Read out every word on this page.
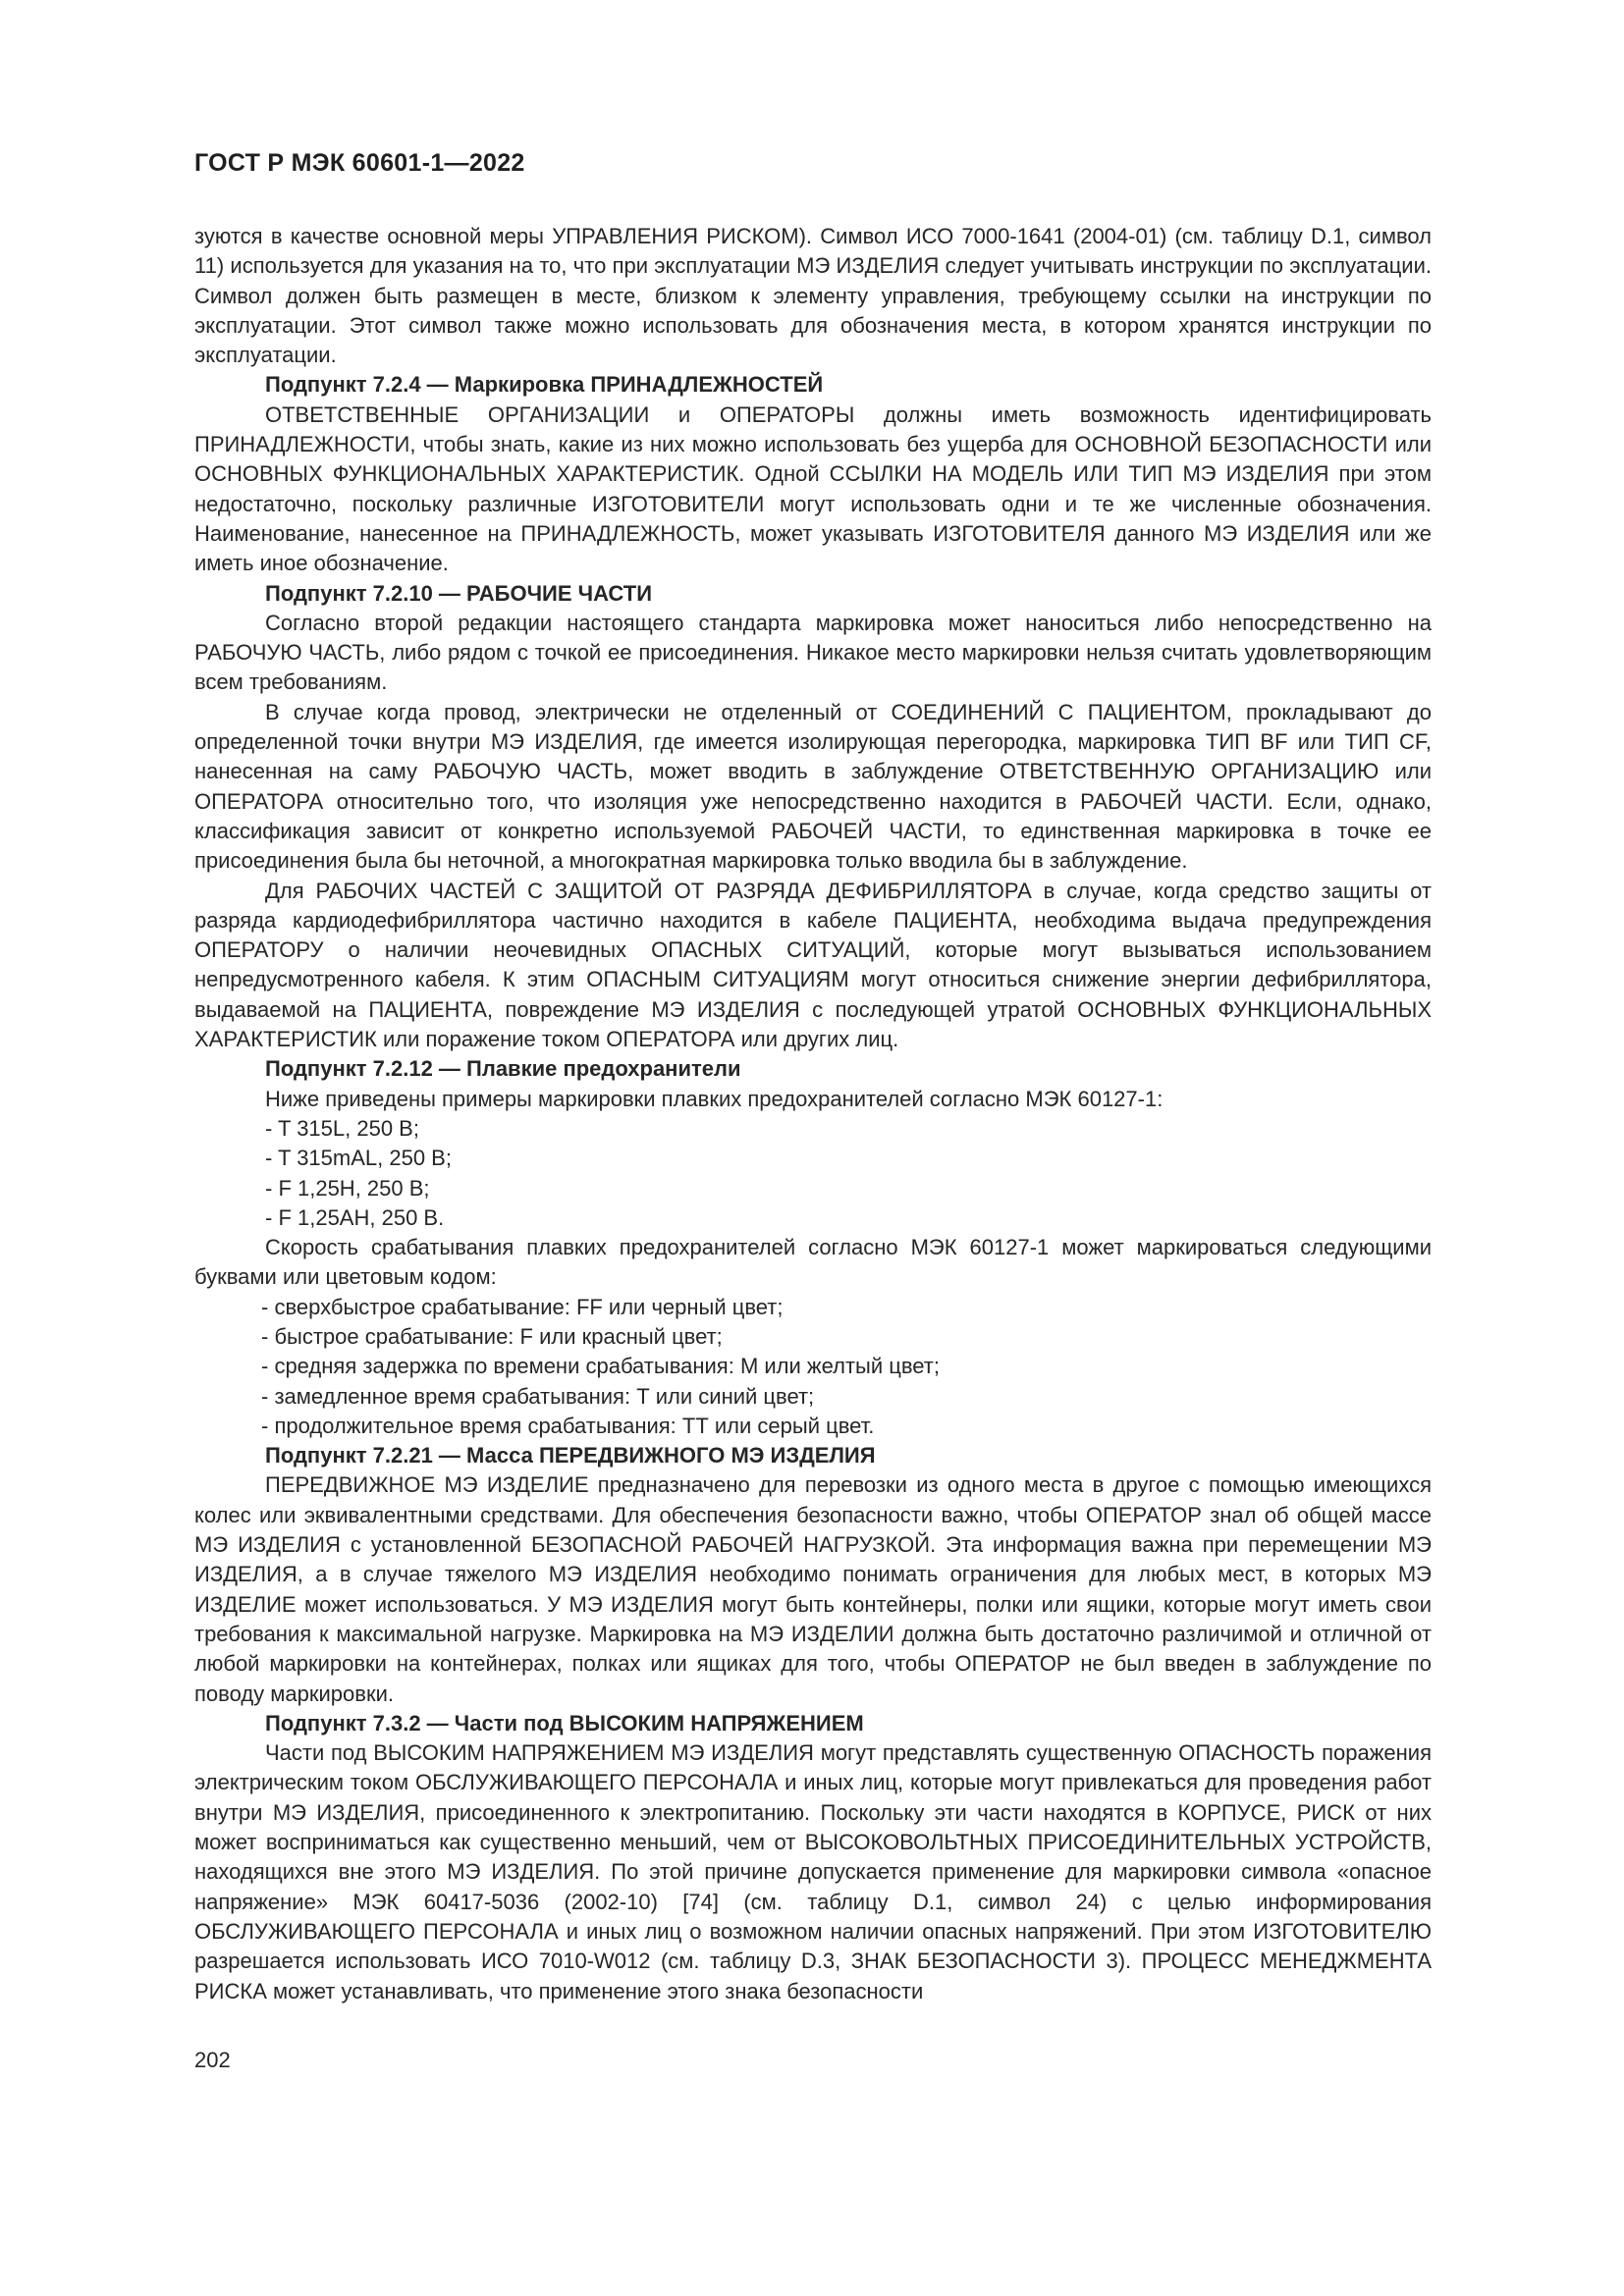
ГОСТ Р МЭК 60601-1—2022

зуются в качестве основной меры УПРАВЛЕНИЯ РИСКОМ). Символ ИСО 7000-1641 (2004-01) (см. таблицу D.1, символ 11) используется для указания на то, что при эксплуатации МЭ ИЗДЕЛИЯ следует учитывать инструкции по эксплуатации. Символ должен быть размещен в месте, близком к элементу управления, требующему ссылки на инструкции по эксплуатации. Этот символ также можно использовать для обозначения места, в котором хранятся инструкции по эксплуатации.

Подпункт 7.2.4 — Маркировка ПРИНАДЛЕЖНОСТЕЙ

ОТВЕТСТВЕННЫЕ ОРГАНИЗАЦИИ и ОПЕРАТОРЫ должны иметь возможность идентифицировать ПРИНАДЛЕЖНОСТИ, чтобы знать, какие из них можно использовать без ущерба для ОСНОВНОЙ БЕЗОПАСНОСТИ или ОСНОВНЫХ ФУНКЦИОНАЛЬНЫХ ХАРАКТЕРИСТИК. Одной ССЫЛКИ НА МОДЕЛЬ ИЛИ ТИП МЭ ИЗДЕЛИЯ при этом недостаточно, поскольку различные ИЗГОТОВИТЕЛИ могут использовать одни и те же численные обозначения. Наименование, нанесенное на ПРИНАДЛЕЖНОСТЬ, может указывать ИЗГОТОВИТЕЛЯ данного МЭ ИЗДЕЛИЯ или же иметь иное обозначение.

Подпункт 7.2.10 — РАБОЧИЕ ЧАСТИ

Согласно второй редакции настоящего стандарта маркировка может наноситься либо непосредственно на РАБОЧУЮ ЧАСТЬ, либо рядом с точкой ее присоединения. Никакое место маркировки нельзя считать удовлетворяющим всем требованиям.

В случае когда провод, электрически не отделенный от СОЕДИНЕНИЙ С ПАЦИЕНТОМ, прокладывают до определенной точки внутри МЭ ИЗДЕЛИЯ, где имеется изолирующая перегородка, маркировка ТИП BF или ТИП CF, нанесенная на саму РАБОЧУЮ ЧАСТЬ, может вводить в заблуждение ОТВЕТСТВЕННУЮ ОРГАНИЗАЦИЮ или ОПЕРАТОРА относительно того, что изоляция уже непосредственно находится в РАБОЧЕЙ ЧАСТИ. Если, однако, классификация зависит от конкретно используемой РАБОЧЕЙ ЧАСТИ, то единственная маркировка в точке ее присоединения была бы неточной, а многократная маркировка только вводила бы в заблуждение.

Для РАБОЧИХ ЧАСТЕЙ С ЗАЩИТОЙ ОТ РАЗРЯДА ДЕФИБРИЛЛЯТОРА в случае, когда средство защиты от разряда кардиодефибриллятора частично находится в кабеле ПАЦИЕНТА, необходима выдача предупреждения ОПЕРАТОРУ о наличии неочевидных ОПАСНЫХ СИТУАЦИЙ, которые могут вызываться использованием непредусмотренного кабеля. К этим ОПАСНЫМ СИТУАЦИЯМ могут относиться снижение энергии дефибриллятора, выдаваемой на ПАЦИЕНТА, повреждение МЭ ИЗДЕЛИЯ с последующей утратой ОСНОВНЫХ ФУНКЦИОНАЛЬНЫХ ХАРАКТЕРИСТИК или поражение током ОПЕРАТОРА или других лиц.

Подпункт 7.2.12 — Плавкие предохранители

Ниже приведены примеры маркировки плавких предохранителей согласно МЭК 60127-1:

- T 315L, 250 В;

- T 315mAL, 250 В;

- F 1,25H, 250 В;

- F 1,25AH, 250 В.

Скорость срабатывания плавких предохранителей согласно МЭК 60127-1 может маркироваться следующими буквами или цветовым кодом:

- сверхбыстрое срабатывание: FF или черный цвет;

- быстрое срабатывание: F или красный цвет;

- средняя задержка по времени срабатывания: М или желтый цвет;

- замедленное время срабатывания: Т или синий цвет;

- продолжительное время срабатывания: ТТ или серый цвет.

Подпункт 7.2.21 — Масса ПЕРЕДВИЖНОГО МЭ ИЗДЕЛИЯ

ПЕРЕДВИЖНОЕ МЭ ИЗДЕЛИЕ предназначено для перевозки из одного места в другое с помощью имеющихся колес или эквивалентными средствами. Для обеспечения безопасности важно, чтобы ОПЕРАТОР знал об общей массе МЭ ИЗДЕЛИЯ с установленной БЕЗОПАСНОЙ РАБОЧЕЙ НАГРУЗКОЙ. Эта информация важна при перемещении МЭ ИЗДЕЛИЯ, а в случае тяжелого МЭ ИЗДЕЛИЯ необходимо понимать ограничения для любых мест, в которых МЭ ИЗДЕЛИЕ может использоваться. У МЭ ИЗДЕЛИЯ могут быть контейнеры, полки или ящики, которые могут иметь свои требования к максимальной нагрузке. Маркировка на МЭ ИЗДЕЛИИ должна быть достаточно различимой и отличной от любой маркировки на контейнерах, полках или ящиках для того, чтобы ОПЕРАТОР не был введен в заблуждение по поводу маркировки.

Подпункт 7.3.2 — Части под ВЫСОКИМ НАПРЯЖЕНИЕМ

Части под ВЫСОКИМ НАПРЯЖЕНИЕМ МЭ ИЗДЕЛИЯ могут представлять существенную ОПАСНОСТЬ поражения электрическим током ОБСЛУЖИВАЮЩЕГО ПЕРСОНАЛА и иных лиц, которые могут привлекаться для проведения работ внутри МЭ ИЗДЕЛИЯ, присоединенного к электропитанию. Поскольку эти части находятся в КОРПУСЕ, РИСК от них может восприниматься как существенно меньший, чем от ВЫСОКОВОЛЬТНЫХ ПРИСОЕДИНИТЕЛЬНЫХ УСТРОЙСТВ, находящихся вне этого МЭ ИЗДЕЛИЯ. По этой причине допускается применение для маркировки символа «опасное напряжение» МЭК 60417-5036 (2002-10) [74] (см. таблицу D.1, символ 24) с целью информирования ОБСЛУЖИВАЮЩЕГО ПЕРСОНАЛА и иных лиц о возможном наличии опасных напряжений. При этом ИЗГОТОВИТЕЛЮ разрешается использовать ИСО 7010-W012 (см. таблицу D.3, ЗНАК БЕЗОПАСНОСТИ 3). ПРОЦЕСС МЕНЕДЖМЕНТА РИСКА может устанавливать, что применение этого знака безопасности

202
